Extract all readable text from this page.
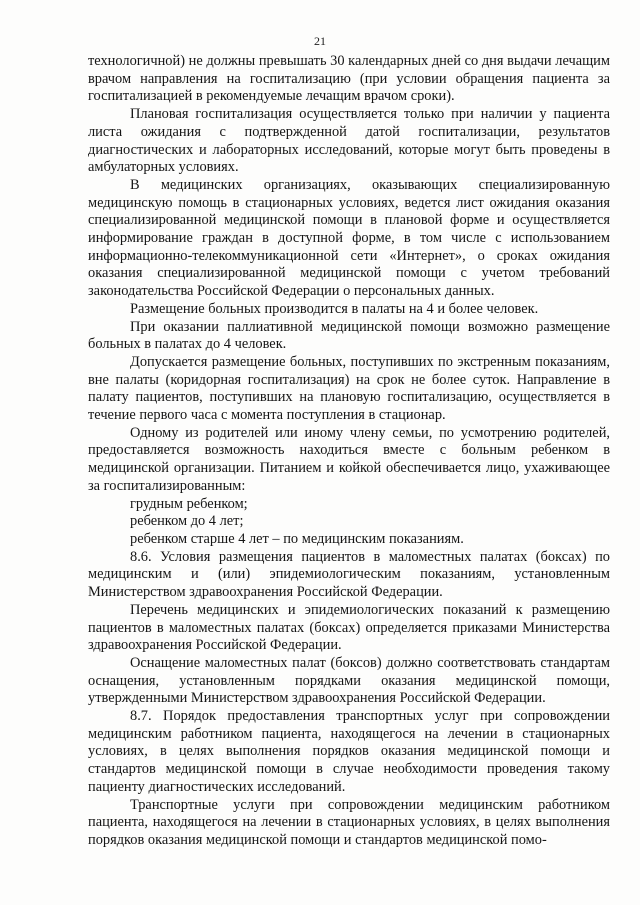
21

технологичной) не должны превышать 30 календарных дней со дня выдачи лечащим врачом направления на госпитализацию (при условии обращения пациента за госпитализацией в рекомендуемые лечащим врачом сроки).

Плановая госпитализация осуществляется только при наличии у пациента листа ожидания с подтвержденной датой госпитализации, результатов диагностических и лабораторных исследований, которые могут быть проведены в амбулаторных условиях.

В медицинских организациях, оказывающих специализированную медицинскую помощь в стационарных условиях, ведется лист ожидания оказания специализированной медицинской помощи в плановой форме и осуществляется информирование граждан в доступной форме, в том числе с использованием информационно-телекоммуникационной сети «Интернет», о сроках ожидания оказания специализированной медицинской помощи с учетом требований законодательства Российской Федерации о персональных данных.

Размещение больных производится в палаты на 4 и более человек.

При оказании паллиативной медицинской помощи возможно размещение больных в палатах до 4 человек.

Допускается размещение больных, поступивших по экстренным показаниям, вне палаты (коридорная госпитализация) на срок не более суток. Направление в палату пациентов, поступивших на плановую госпитализацию, осуществляется в течение первого часа с момента поступления в стационар.

Одному из родителей или иному члену семьи, по усмотрению родителей, предоставляется возможность находиться вместе с больным ребенком в медицинской организации. Питанием и койкой обеспечивается лицо, ухаживающее за госпитализированным:

грудным ребенком;

ребенком до 4 лет;

ребенком старше 4 лет – по медицинским показаниям.

8.6. Условия размещения пациентов в маломестных палатах (боксах) по медицинским и (или) эпидемиологическим показаниям, установленным Министерством здравоохранения Российской Федерации.

Перечень медицинских и эпидемиологических показаний к размещению пациентов в маломестных палатах (боксах) определяется приказами Министерства здравоохранения Российской Федерации.

Оснащение маломестных палат (боксов) должно соответствовать стандартам оснащения, установленным порядками оказания медицинской помощи, утвержденными Министерством здравоохранения Российской Федерации.

8.7. Порядок предоставления транспортных услуг при сопровождении медицинским работником пациента, находящегося на лечении в стационарных условиях, в целях выполнения порядков оказания медицинской помощи и стандартов медицинской помощи в случае необходимости проведения такому пациенту диагностических исследований.

Транспортные услуги при сопровождении медицинским работником пациента, находящегося на лечении в стационарных условиях, в целях выполнения порядков оказания медицинской помощи и стандартов медицинской помо-
